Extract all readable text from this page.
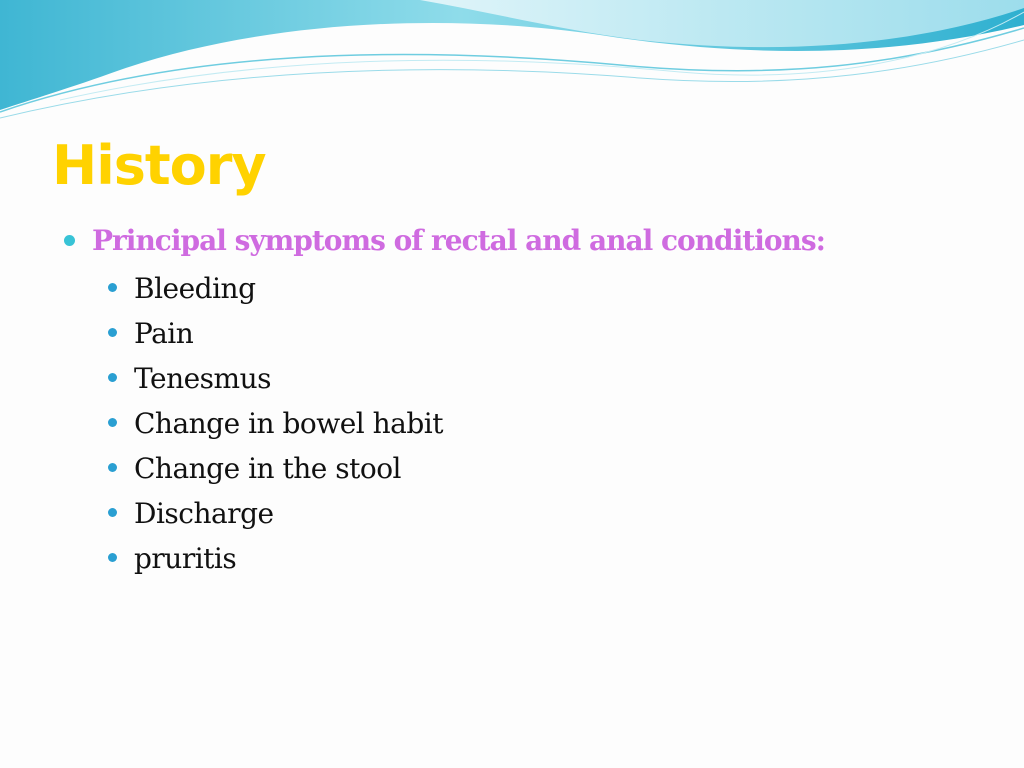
History
Principal symptoms of rectal and anal conditions:
Bleeding
Pain
Tenesmus
Change in bowel habit
Change in the stool
Discharge
pruritis
